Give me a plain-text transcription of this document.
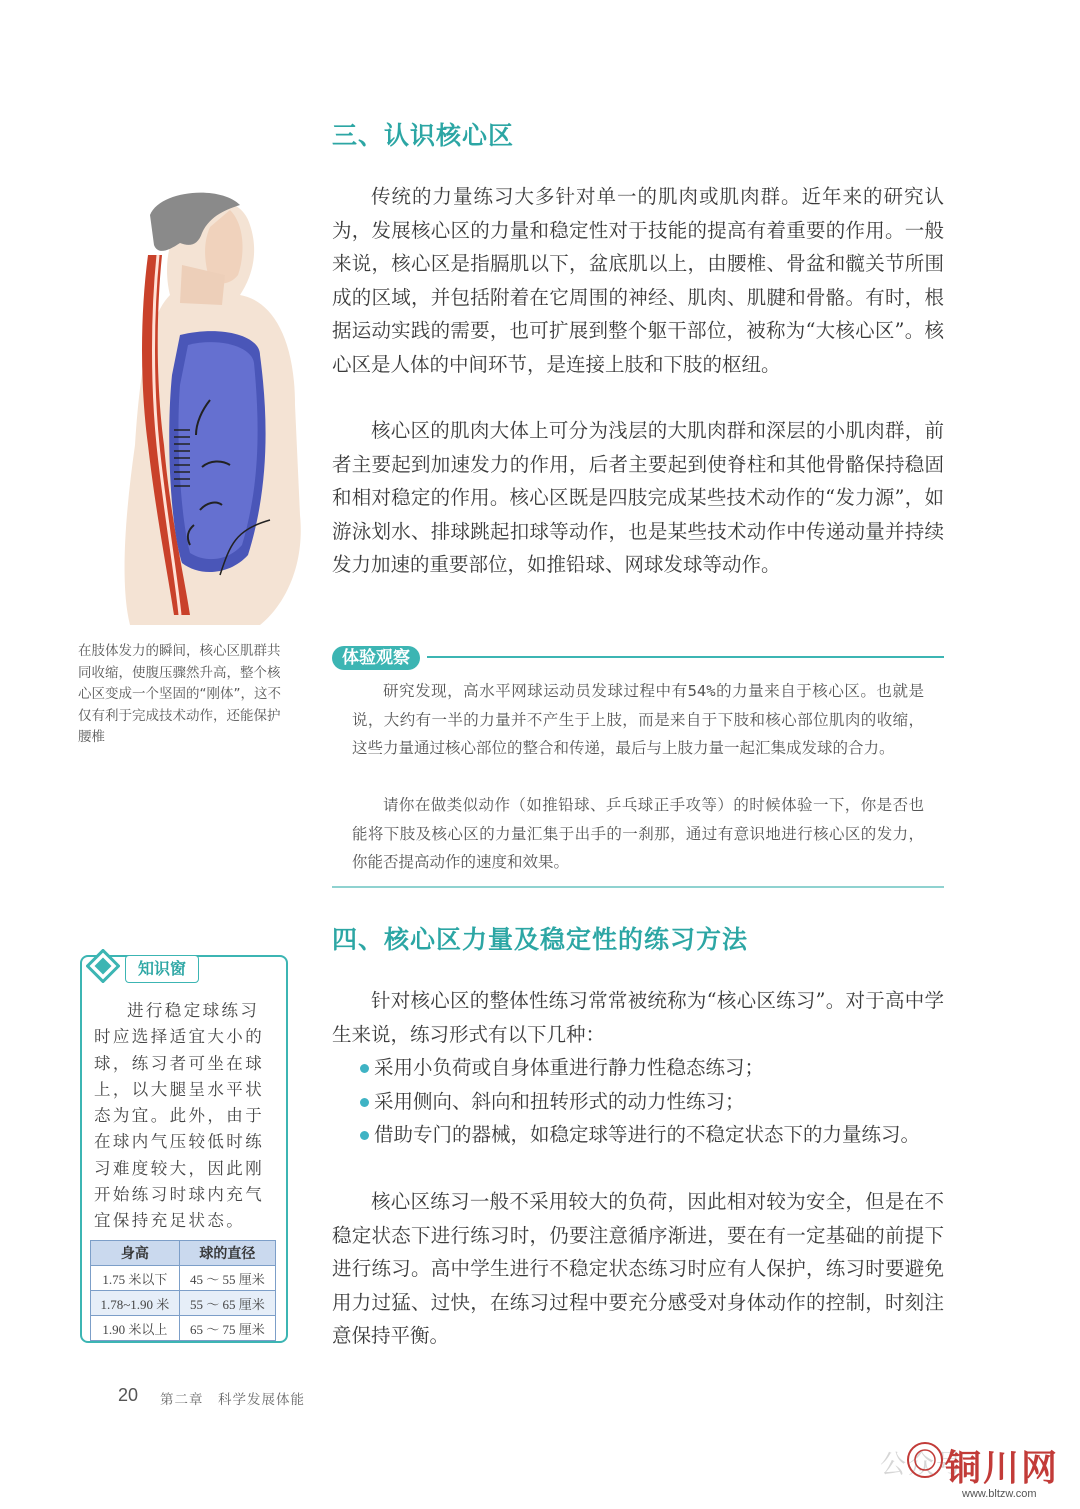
在肢体发力的瞬间，核心区肌群共同收缩，使腹压骤然升高，整个核心区变成一个坚固的“刚体”，这不仅有利于完成技术动作，还能保护腰椎
三、认识核心区

传统的力量练习大多针对单一的肌肉或肌肉群。近年来的研究认为，发展核心区的力量和稳定性对于技能的提高有着重要的作用。一般来说，核心区是指膈肌以下，盆底肌以上，由腰椎、骨盆和髋关节所围成的区域，并包括附着在它周围的神经、肌肉、肌腱和骨骼。有时，根据运动实践的需要，也可扩展到整个躯干部位，被称为“大核心区”。核心区是人体的中间环节，是连接上肢和下肢的枢纽。

核心区的肌肉大体上可分为浅层的大肌肉群和深层的小肌肉群，前者主要起到加速发力的作用，后者主要起到使脊柱和其他骨骼保持稳固和相对稳定的作用。核心区既是四肢完成某些技术动作的“发力源”，如游泳划水、排球跳起扣球等动作，也是某些技术动作中传递动量并持续发力加速的重要部位，如推铅球、网球发球等动作。

体验观察

研究发现，高水平网球运动员发球过程中有54%的力量来自于核心区。也就是说，大约有一半的力量并不产生于上肢，而是来自于下肢和核心部位肌肉的收缩，这些力量通过核心部位的整合和传递，最后与上肢力量一起汇集成发球的合力。

请你在做类似动作（如推铅球、乒乓球正手攻等）的时候体验一下，你是否也能将下肢及核心区的力量汇集于出手的一刹那，通过有意识地进行核心区的发力，你能否提高动作的速度和效果。

四、核心区力量及稳定性的练习方法

针对核心区的整体性练习常常被统称为“核心区练习”。对于高中学生来说，练习形式有以下几种：

采用小负荷或自身体重进行静力性稳态练习；
采用侧向、斜向和扭转形式的动力性练习；
借助专门的器械，如稳定球等进行的不稳定状态下的力量练习。

核心区练习一般不采用较大的负荷，因此相对较为安全，但是在不稳定状态下进行练习时，仍要注意循序渐进，要在有一定基础的前提下进行练习。高中学生进行不稳定状态练习时应有人保护，练习时要避免用力过猛、过快，在练习过程中要充分感受对身体动作的控制，时刻注意保持平衡。

知识窗

进行稳定球练习时应选择适宜大小的球，练习者可坐在球上，以大腿呈水平状态为宜。此外，由于在球内气压较低时练习难度较大，因此刚开始练习时球内充气宜保持充足状态。

身高	球的直径
1.75 米以下	45 ～ 55 厘米
1.78~1.90 米	55 ～ 65 厘米
1.90 米以上	65 ～ 75 厘米
20 第二章　科学发展体能
公众号
铜川网
www.bltzw.com
